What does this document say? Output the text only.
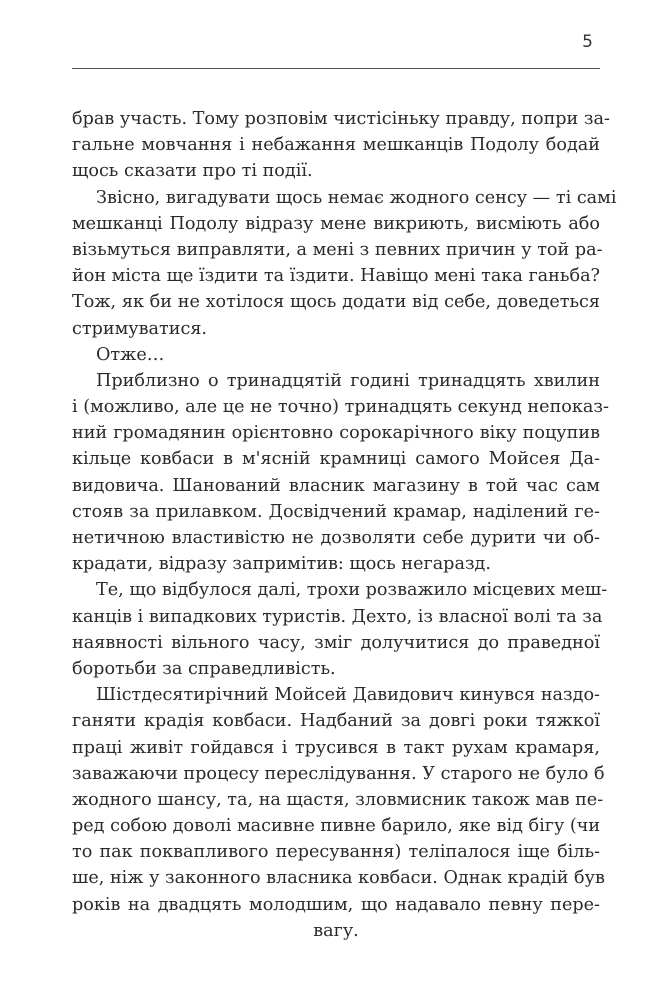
5
брав участь. Тому розповім чистісіньку правду, попри за-
гальне мовчання і небажання мешканців Подолу бодай
щось сказати про ті події.
Звісно, вигадувати щось немає жодного сенсу — ті самі
мешканці Подолу відразу мене викриють, висміють або
візьмуться виправляти, а мені з певних причин у той ра-
йон міста ще їздити та їздити. Навіщо мені така ганьба?
Тож, як би не хотілося щось додати від себе, доведеться
стримуватися.
Отже…
Приблизно о тринадцятій годині тринадцять хвилин
і (можливо, але це не точно) тринадцять секунд непоказ-
ний громадянин орієнтовно сорокарічного віку поцупив
кільце ковбаси в м'ясній крамниці самого Мойсея Да-
видовича. Шанований власник магазину в той час сам
стояв за прилавком. Досвідчений крамар, наділений ге-
нетичною властивістю не дозволяти себе дурити чи об-
крадати, відразу запримітив: щось негаразд.
Те, що відбулося далі, трохи розважило місцевих меш-
канців і випадкових туристів. Дехто, із власної волі та за
наявності вільного часу, зміг долучитися до праведної
боротьби за справедливість.
Шістдесятирічний Мойсей Давидович кинувся наздо-
ганяти крадія ковбаси. Надбаний за довгі роки тяжкої
праці живіт гойдався і трусився в такт рухам крамаря,
заважаючи процесу переслідування. У старого не було б
жодного шансу, та, на щастя, зловмисник також мав пе-
ред собою доволі масивне пивне барило, яке від бігу (чи
то пак поквапливого пересування) теліпалося іще біль-
ше, ніж у законного власника ковбаси. Однак крадій був
років на двадцять молодшим, що надавало певну пере-
вагу.
